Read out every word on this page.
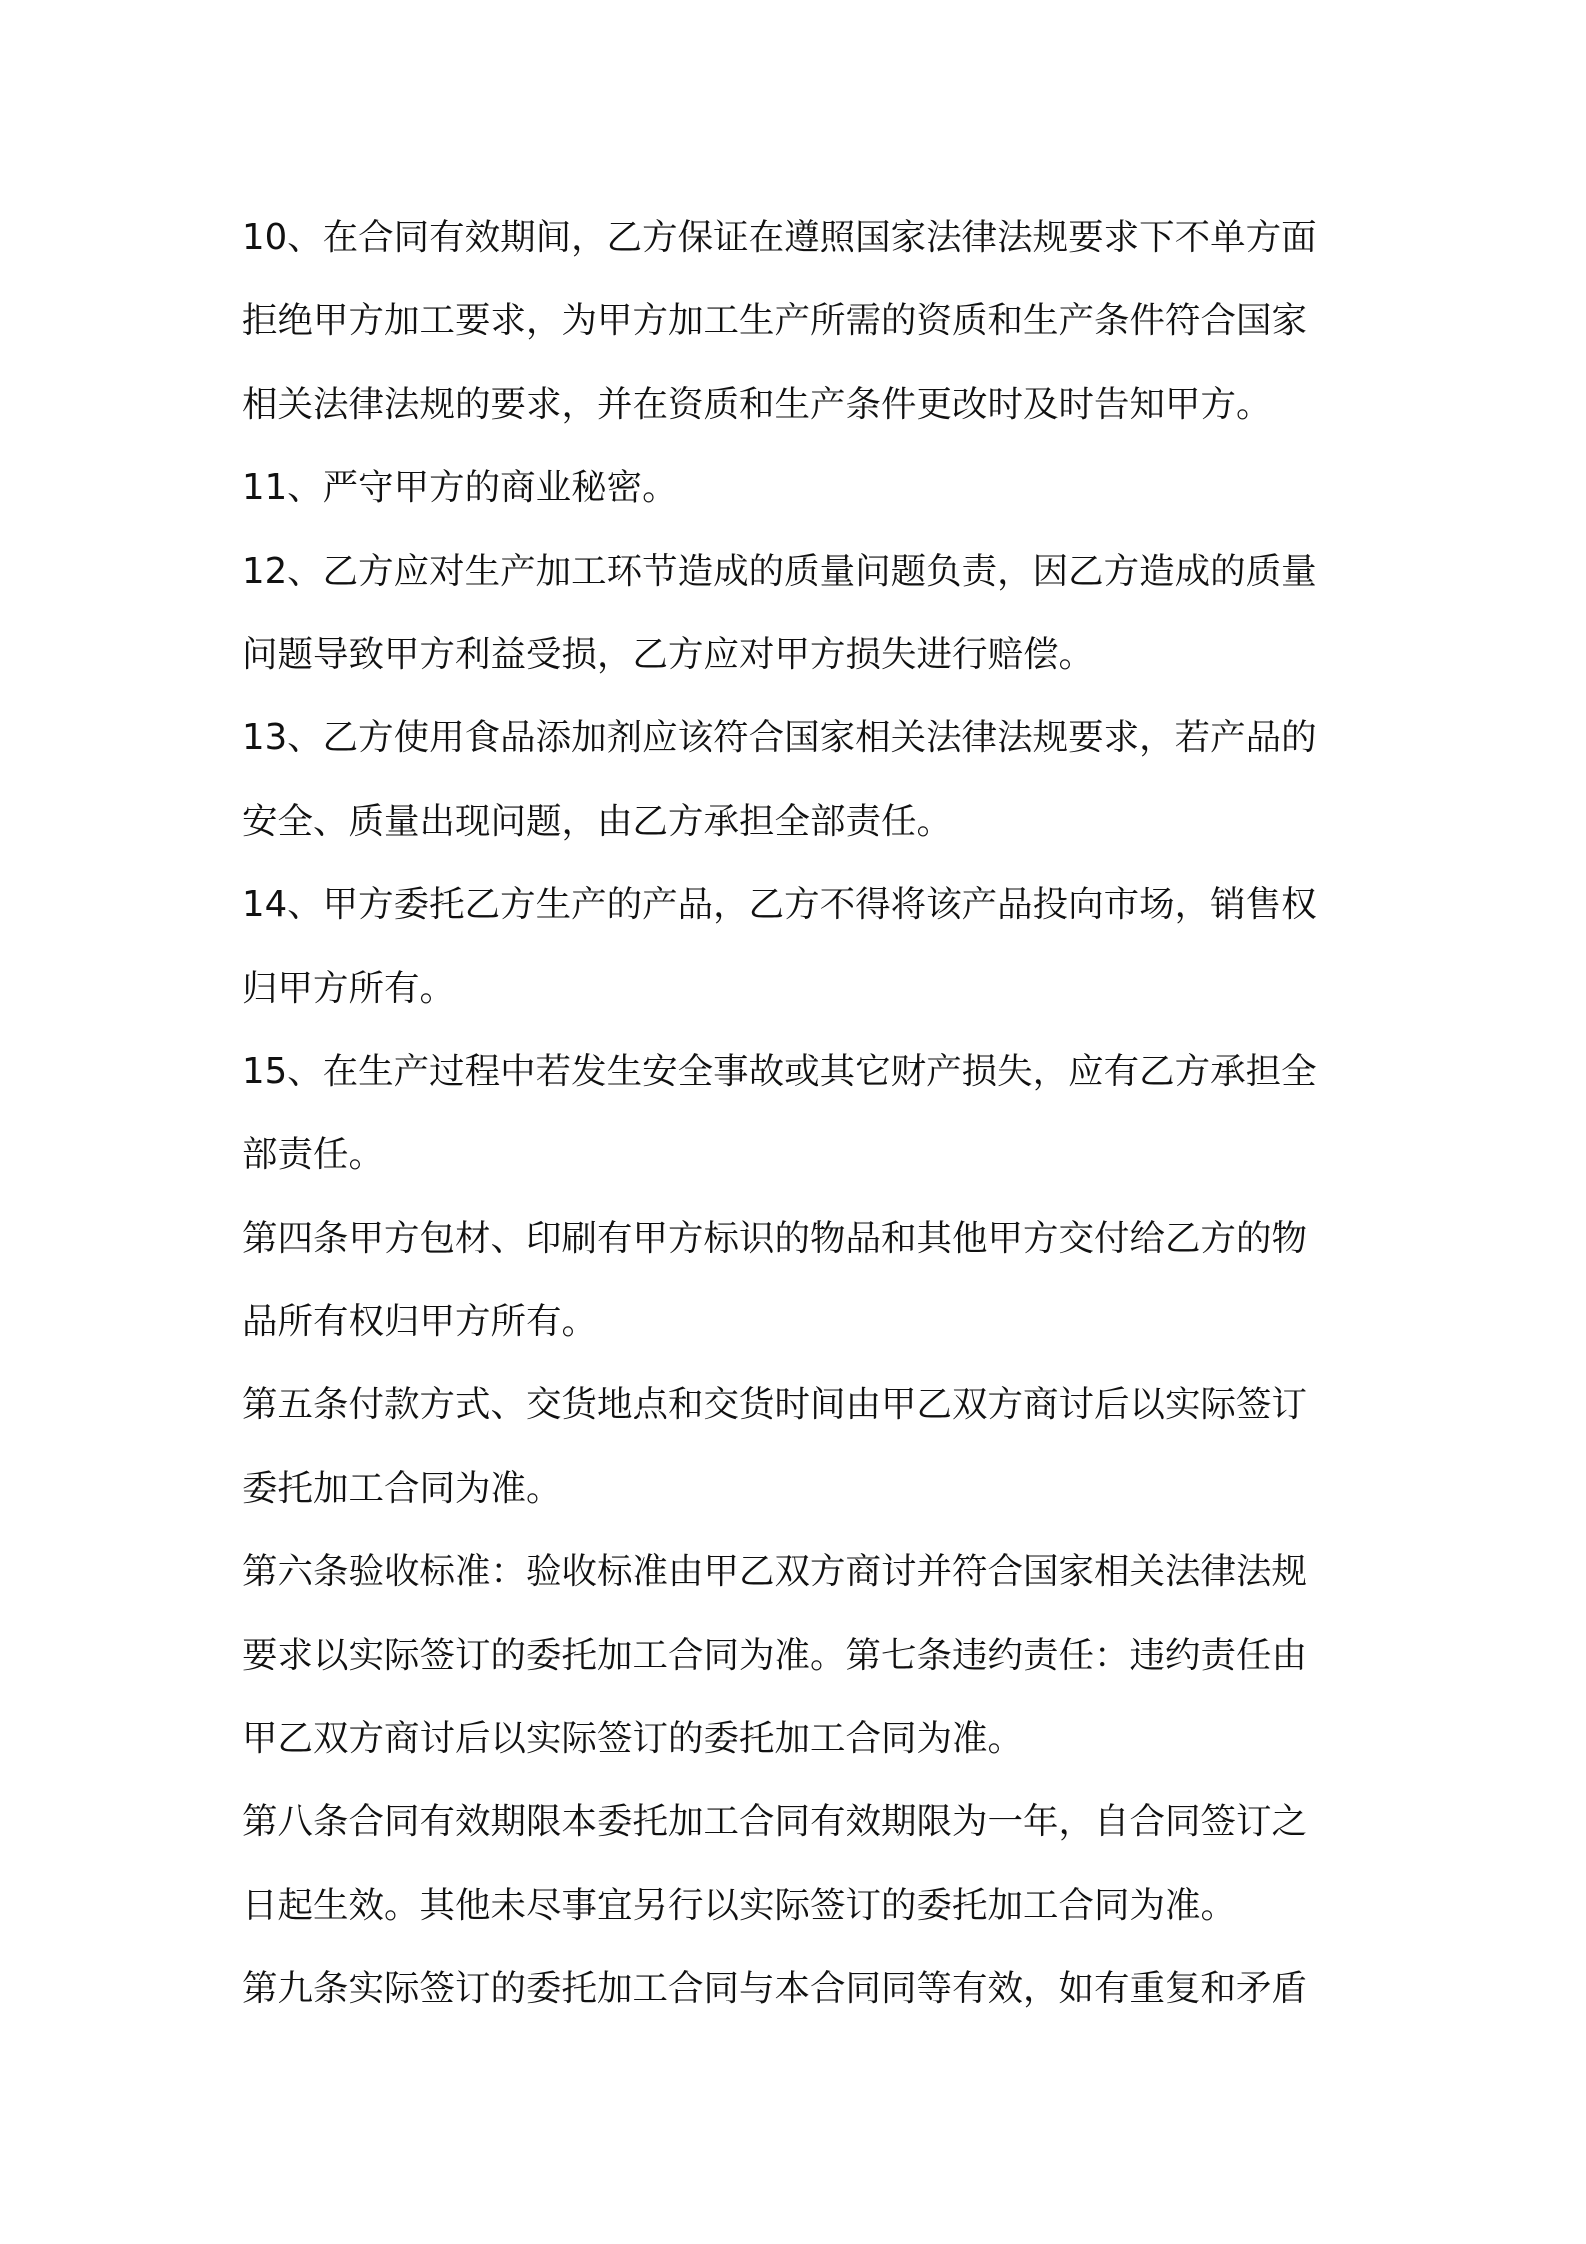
10、在合同有效期间，乙方保证在遵照国家法律法规要求下不单方面
拒绝甲方加工要求，为甲方加工生产所需的资质和生产条件符合国家
相关法律法规的要求，并在资质和生产条件更改时及时告知甲方。
11、严守甲方的商业秘密。
12、乙方应对生产加工环节造成的质量问题负责，因乙方造成的质量
问题导致甲方利益受损，乙方应对甲方损失进行赔偿。
13、乙方使用食品添加剂应该符合国家相关法律法规要求，若产品的
安全、质量出现问题，由乙方承担全部责任。
14、甲方委托乙方生产的产品，乙方不得将该产品投向市场，销售权
归甲方所有。
15、在生产过程中若发生安全事故或其它财产损失，应有乙方承担全
部责任。
第四条甲方包材、印刷有甲方标识的物品和其他甲方交付给乙方的物
品所有权归甲方所有。
第五条付款方式、交货地点和交货时间由甲乙双方商讨后以实际签订
委托加工合同为准。
第六条验收标准：验收标准由甲乙双方商讨并符合国家相关法律法规
要求以实际签订的委托加工合同为准。第七条违约责任：违约责任由
甲乙双方商讨后以实际签订的委托加工合同为准。
第八条合同有效期限本委托加工合同有效期限为一年，自合同签订之
日起生效。其他未尽事宜另行以实际签订的委托加工合同为准。
第九条实际签订的委托加工合同与本合同同等有效，如有重复和矛盾
